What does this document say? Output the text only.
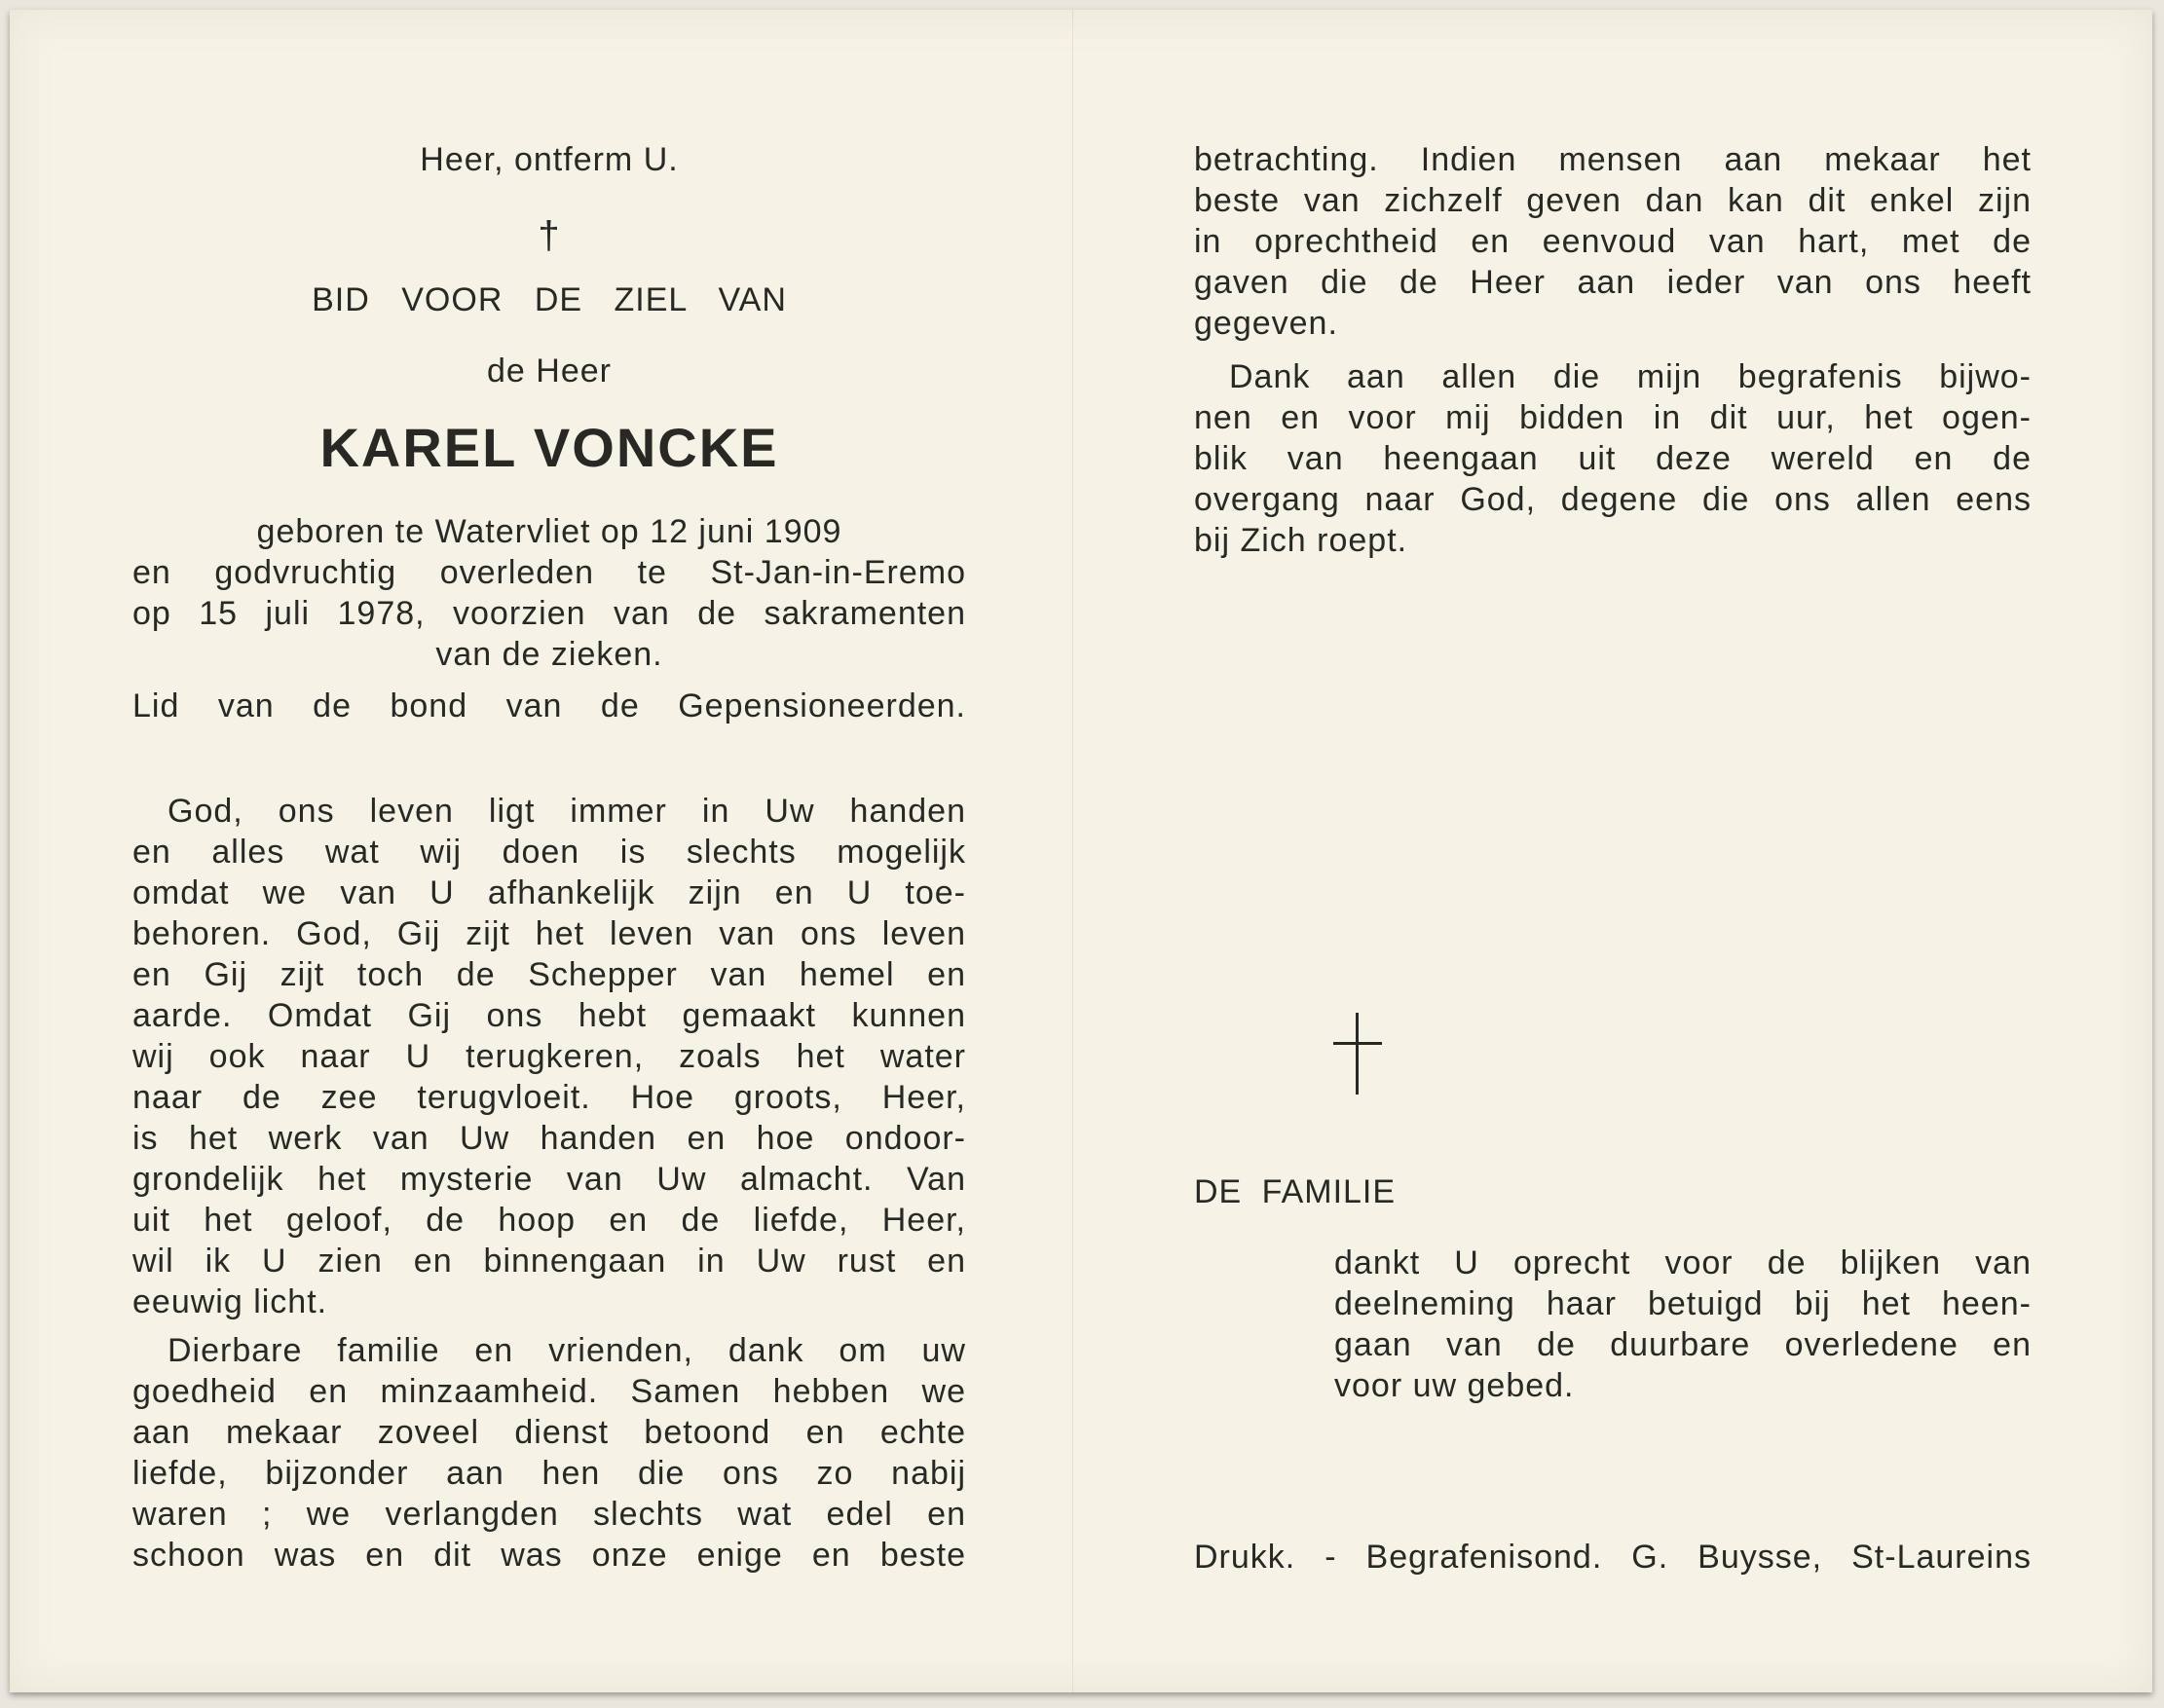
Heer, ontferm U.
†
BID VOOR DE ZIEL VAN
de Heer
KAREL VONCKE
geboren te Watervliet op 12 juni 1909
en godvruchtig overleden te St-Jan-in-Eremo
op 15 juli 1978, voorzien van de sakramenten
van de zieken.
Lid van de bond van de Gepensioneerden.
God, ons leven ligt immer in Uw handen
en alles wat wij doen is slechts mogelijk
omdat we van U afhankelijk zijn en U toe-
behoren. God, Gij zijt het leven van ons leven
en Gij zijt toch de Schepper van hemel en
aarde. Omdat Gij ons hebt gemaakt kunnen
wij ook naar U terugkeren, zoals het water
naar de zee terugvloeit. Hoe groots, Heer,
is het werk van Uw handen en hoe ondoor-
grondelijk het mysterie van Uw almacht. Van
uit het geloof, de hoop en de liefde, Heer,
wil ik U zien en binnengaan in Uw rust en
eeuwig licht.
Dierbare familie en vrienden, dank om uw
goedheid en minzaamheid. Samen hebben we
aan mekaar zoveel dienst betoond en echte
liefde, bijzonder aan hen die ons zo nabij
waren ; we verlangden slechts wat edel en
schoon was en dit was onze enige en beste
betrachting. Indien mensen aan mekaar het
beste van zichzelf geven dan kan dit enkel zijn
in oprechtheid en eenvoud van hart, met de
gaven die de Heer aan ieder van ons heeft
gegeven.
Dank aan allen die mijn begrafenis bijwo-
nen en voor mij bidden in dit uur, het ogen-
blik van heengaan uit deze wereld en de
overgang naar God, degene die ons allen eens
bij Zich roept.
DE FAMILIE
dankt U oprecht voor de blijken van
deelneming haar betuigd bij het heen-
gaan van de duurbare overledene en
voor uw gebed.
Drukk. - Begrafenisond. G. Buysse, St-Laureins
